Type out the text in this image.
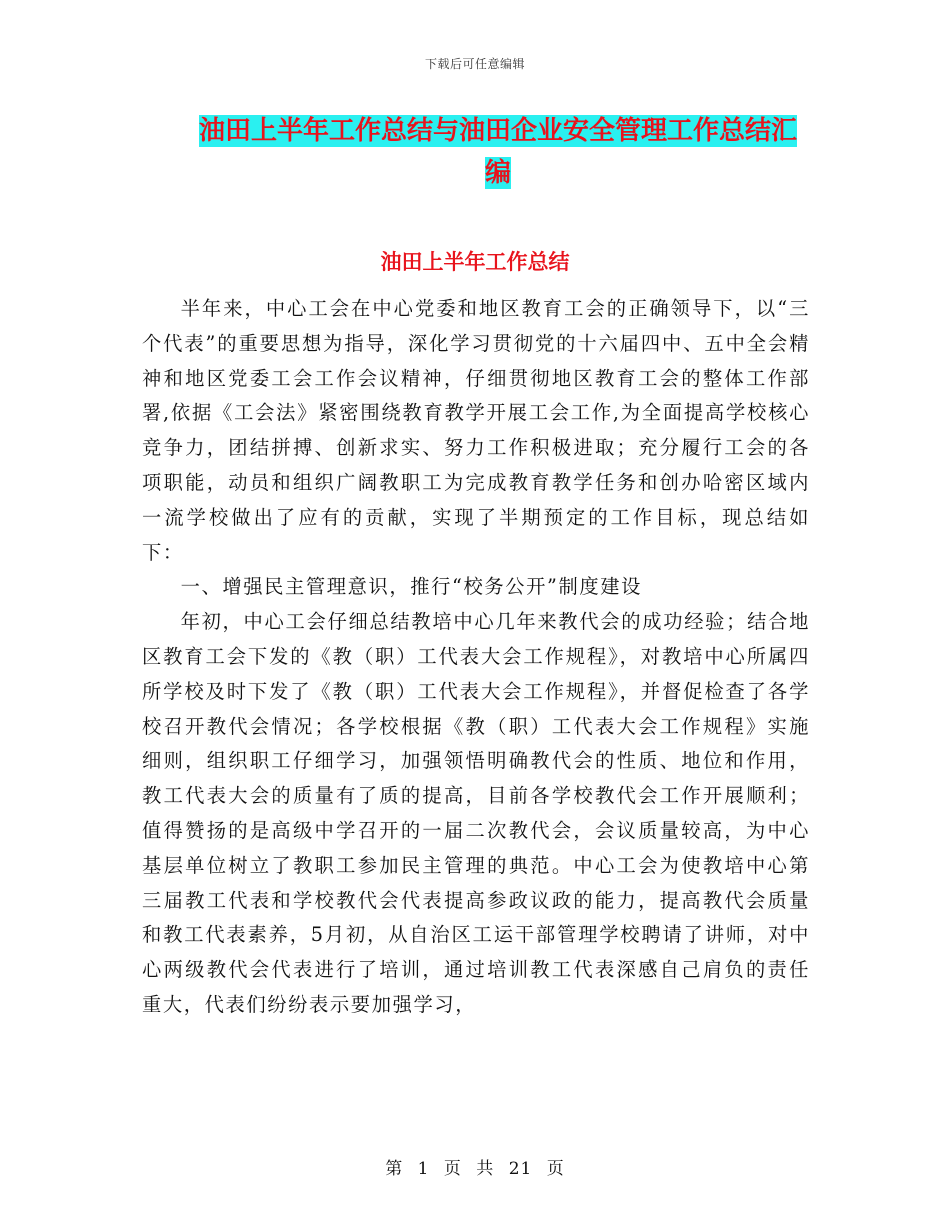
下载后可任意编辑
油田上半年工作总结与油田企业安全管理工作总结汇编
油田上半年工作总结

半年来，中心工会在中心党委和地区教育工会的正确领导下，以“三个代表”的重要思想为指导，深化学习贯彻党的十六届四中、五中全会精神和地区党委工会工作会议精神，仔细贯彻地区教育工会的整体工作部署,依据《工会法》紧密围绕教育教学开展工会工作,为全面提高学校核心竞争力，团结拼搏、创新求实、努力工作积极进取；充分履行工会的各项职能，动员和组织广阔教职工为完成教育教学任务和创办哈密区域内一流学校做出了应有的贡献，实现了半期预定的工作目标，现总结如下：

一、增强民主管理意识，推行“校务公开”制度建设

年初，中心工会仔细总结教培中心几年来教代会的成功经验；结合地区教育工会下发的《教（职）工代表大会工作规程》，对教培中心所属四所学校及时下发了《教（职）工代表大会工作规程》，并督促检查了各学校召开教代会情况；各学校根据《教（职）工代表大会工作规程》实施细则，组织职工仔细学习，加强领悟明确教代会的性质、地位和作用，教工代表大会的质量有了质的提高，目前各学校教代会工作开展顺利；值得赞扬的是高级中学召开的一届二次教代会，会议质量较高，为中心基层单位树立了教职工参加民主管理的典范。中心工会为使教培中心第三届教工代表和学校教代会代表提高参政议政的能力，提高教代会质量和教工代表素养，5月初，从自治区工运干部管理学校聘请了讲师，对中心两级教代会代表进行了培训，通过培训教工代表深感自己肩负的责任重大，代表们纷纷表示要加强学习，

第 1 页 共 21 页
